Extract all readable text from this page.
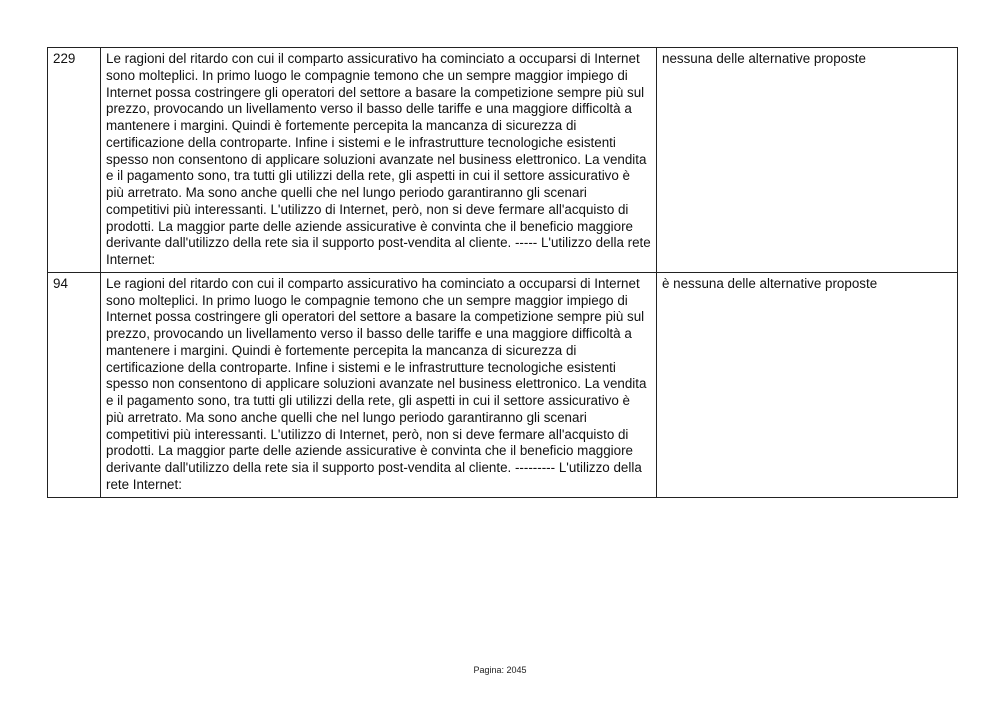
229	Le ragioni del ritardo con cui il comparto assicurativo ha cominciato a occuparsi di Internet sono molteplici. In primo luogo le compagnie temono che un sempre maggior impiego di Internet possa costringere gli operatori del settore a basare la competizione sempre più sul prezzo, provocando un livellamento verso il basso delle tariffe e una maggiore difficoltà a mantenere i margini. Quindi è fortemente percepita la mancanza di sicurezza di certificazione della controparte. Infine i sistemi e le infrastrutture tecnologiche esistenti spesso non consentono di applicare soluzioni avanzate nel business elettronico. La vendita e il pagamento sono, tra tutti gli utilizzi della rete, gli aspetti in cui il settore assicurativo è più arretrato. Ma sono anche quelli che nel lungo periodo garantiranno gli scenari competitivi più interessanti. L'utilizzo di Internet, però, non si deve fermare all'acquisto di prodotti. La maggior parte delle aziende assicurative è convinta che il beneficio maggiore derivante dall'utilizzo della rete sia il supporto post-vendita al cliente. ----- L'utilizzo della rete Internet:	nessuna delle alternative proposte
94	Le ragioni del ritardo con cui il comparto assicurativo ha cominciato a occuparsi di Internet sono molteplici. In primo luogo le compagnie temono che un sempre maggior impiego di Internet possa costringere gli operatori del settore a basare la competizione sempre più sul prezzo, provocando un livellamento verso il basso delle tariffe e una maggiore difficoltà a mantenere i margini. Quindi è fortemente percepita la mancanza di sicurezza di certificazione della controparte. Infine i sistemi e le infrastrutture tecnologiche esistenti spesso non consentono di applicare soluzioni avanzate nel business elettronico. La vendita e il pagamento sono, tra tutti gli utilizzi della rete, gli aspetti in cui il settore assicurativo è più arretrato. Ma sono anche quelli che nel lungo periodo garantiranno gli scenari competitivi più interessanti. L'utilizzo di Internet, però, non si deve fermare all'acquisto di prodotti. La maggior parte delle aziende assicurative è convinta che il beneficio maggiore derivante dall'utilizzo della rete sia il supporto post-vendita al cliente. --------- L'utilizzo della rete Internet:	è nessuna delle alternative proposte
Pagina: 2045
